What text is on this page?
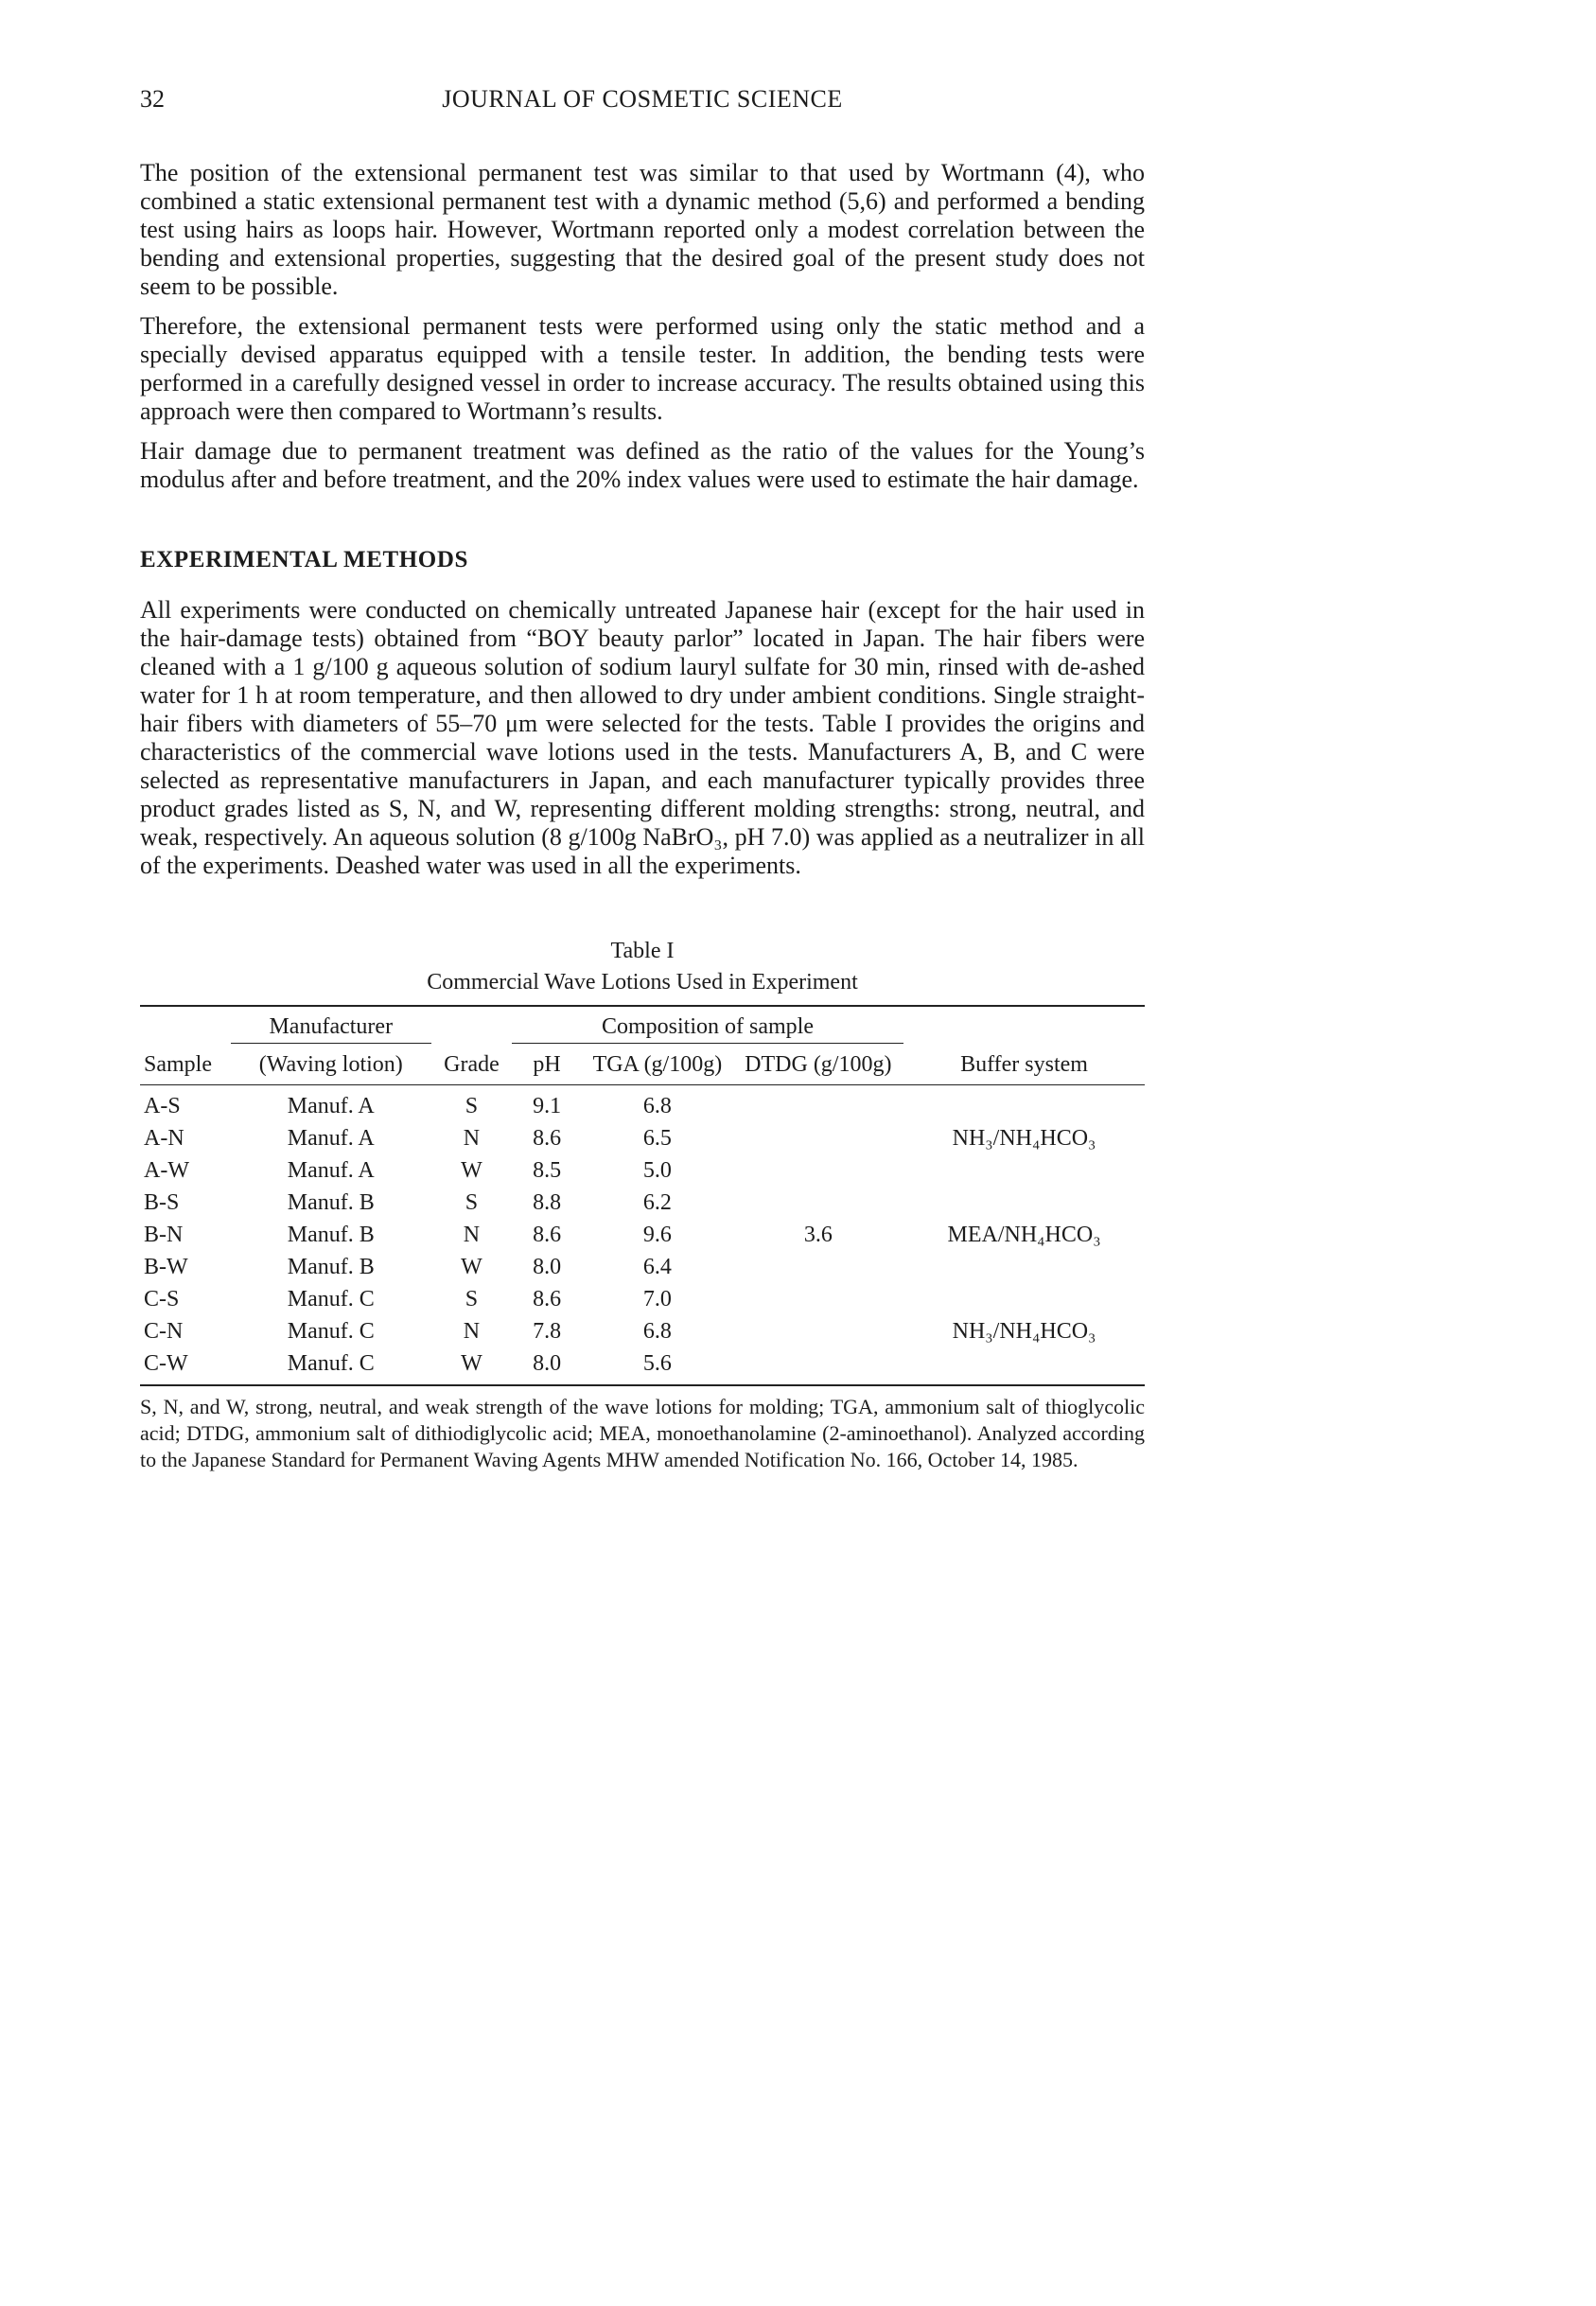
32	JOURNAL OF COSMETIC SCIENCE

The position of the extensional permanent test was similar to that used by Wortmann (4), who combined a static extensional permanent test with a dynamic method (5,6) and performed a bending test using hairs as loops hair. However, Wortmann reported only a modest correlation between the bending and extensional properties, suggesting that the desired goal of the present study does not seem to be possible.

Therefore, the extensional permanent tests were performed using only the static method and a specially devised apparatus equipped with a tensile tester. In addition, the bending tests were performed in a carefully designed vessel in order to increase accuracy. The results obtained using this approach were then compared to Wortmann’s results.

Hair damage due to permanent treatment was defined as the ratio of the values for the Young’s modulus after and before treatment, and the 20% index values were used to estimate the hair damage.

EXPERIMENTAL METHODS

All experiments were conducted on chemically untreated Japanese hair (except for the hair used in the hair-damage tests) obtained from “BOY beauty parlor” located in Japan. The hair fibers were cleaned with a 1 g/100 g aqueous solution of sodium lauryl sulfate for 30 min, rinsed with de-ashed water for 1 h at room temperature, and then allowed to dry under ambient conditions. Single straight-hair fibers with diameters of 55–70 μm were selected for the tests. Table I provides the origins and characteristics of the commercial wave lotions used in the tests. Manufacturers A, B, and C were selected as representative manufacturers in Japan, and each manufacturer typically provides three product grades listed as S, N, and W, representing different molding strengths: strong, neutral, and weak, respectively. An aqueous solution (8 g/100g NaBrO₃, pH 7.0) was applied as a neutralizer in all of the experiments. Deashed water was used in all the experiments.

Table I
Commercial Wave Lotions Used in Experiment
	Manufacturer		Composition of sample			
Sample	(Waving lotion)	Grade	pH	TGA (g/100g)	DTDG (g/100g)	Buffer system
A-S	Manuf. A	S	9.1	6.8		
A-N	Manuf. A	N	8.6	6.5		NH₃/NH₄HCO₃
A-W	Manuf. A	W	8.5	5.0		
B-S	Manuf. B	S	8.8	6.2		
B-N	Manuf. B	N	8.6	9.6	3.6	MEA/NH₄HCO₃
B-W	Manuf. B	W	8.0	6.4		
C-S	Manuf. C	S	8.6	7.0		
C-N	Manuf. C	N	7.8	6.8		NH₃/NH₄HCO₃
C-W	Manuf. C	W	8.0	5.6		

S, N, and W, strong, neutral, and weak strength of the wave lotions for molding; TGA, ammonium salt of thioglycolic acid; DTDG, ammonium salt of dithiodiglycolic acid; MEA, monoethanolamine (2-aminoethanol). Analyzed according to the Japanese Standard for Permanent Waving Agents MHW amended Notification No. 166, October 14, 1985.
